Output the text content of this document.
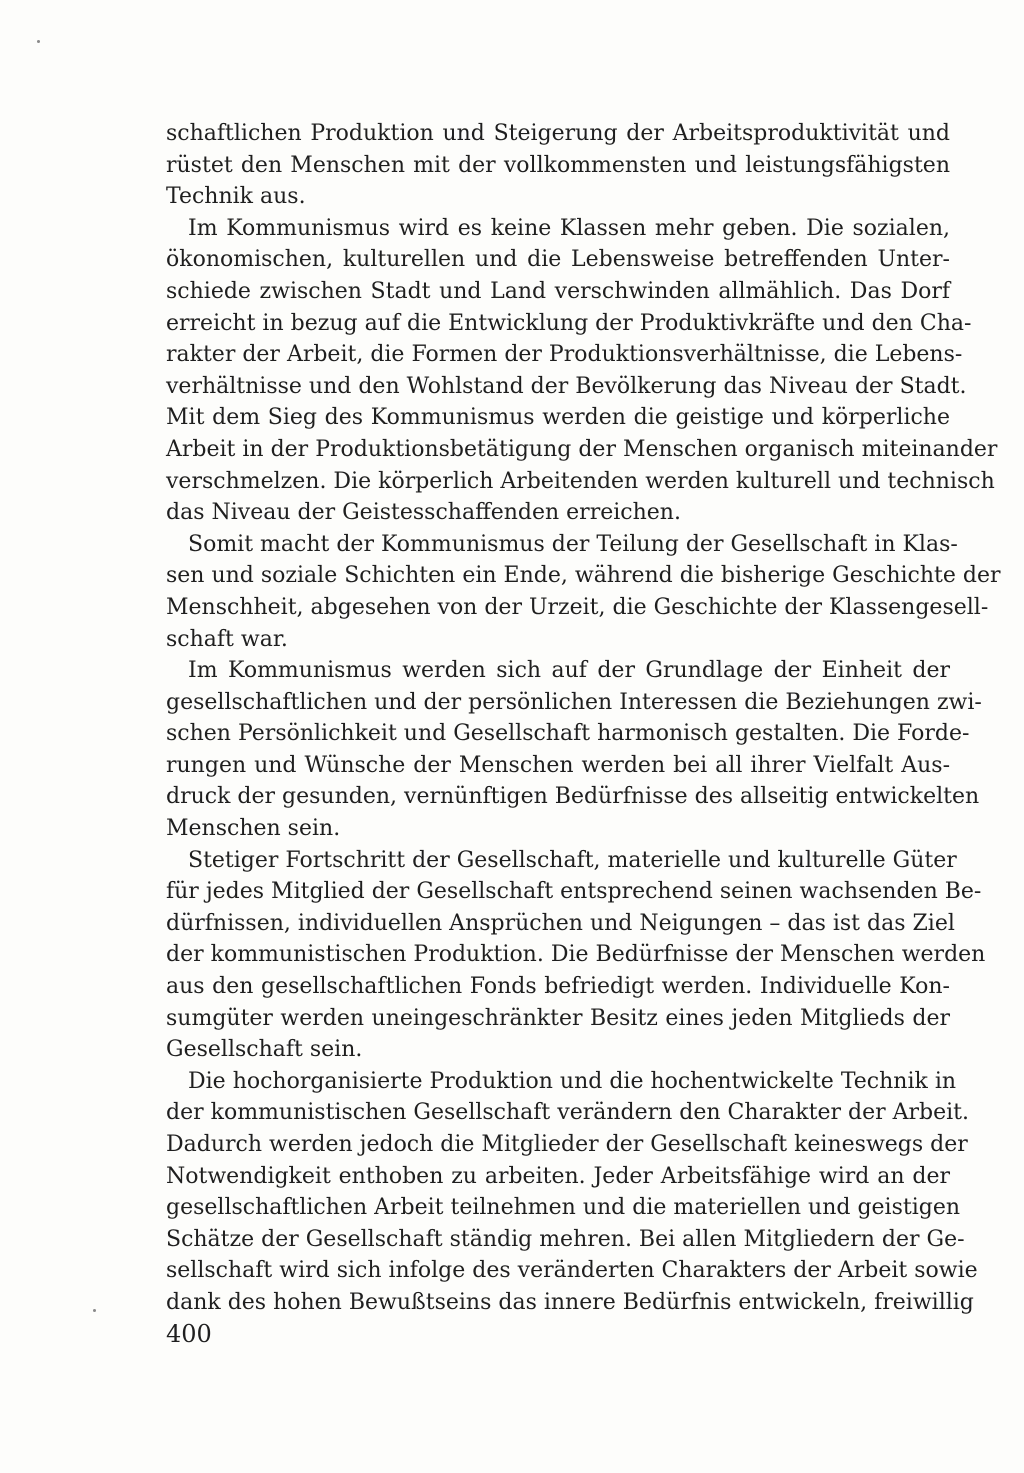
schaftlichen Produktion und Steigerung der Arbeitsproduktivität und
rüstet den Menschen mit der vollkommensten und leistungsfähigsten
Technik aus.
Im Kommunismus wird es keine Klassen mehr geben. Die sozialen,
ökonomischen, kulturellen und die Lebensweise betreffenden Unter-
schiede zwischen Stadt und Land verschwinden allmählich. Das Dorf
erreicht in bezug auf die Entwicklung der Produktivkräfte und den Cha-
rakter der Arbeit, die Formen der Produktionsverhältnisse, die Lebens-
verhältnisse und den Wohlstand der Bevölkerung das Niveau der Stadt.
Mit dem Sieg des Kommunismus werden die geistige und körperliche
Arbeit in der Produktionsbetätigung der Menschen organisch miteinander
verschmelzen. Die körperlich Arbeitenden werden kulturell und technisch
das Niveau der Geistesschaffenden erreichen.
Somit macht der Kommunismus der Teilung der Gesellschaft in Klas-
sen und soziale Schichten ein Ende, während die bisherige Geschichte der
Menschheit, abgesehen von der Urzeit, die Geschichte der Klassengesell-
schaft war.
Im Kommunismus werden sich auf der Grundlage der Einheit der
gesellschaftlichen und der persönlichen Interessen die Beziehungen zwi-
schen Persönlichkeit und Gesellschaft harmonisch gestalten. Die Forde-
rungen und Wünsche der Menschen werden bei all ihrer Vielfalt Aus-
druck der gesunden, vernünftigen Bedürfnisse des allseitig entwickelten
Menschen sein.
Stetiger Fortschritt der Gesellschaft, materielle und kulturelle Güter
für jedes Mitglied der Gesellschaft entsprechend seinen wachsenden Be-
dürfnissen, individuellen Ansprüchen und Neigungen – das ist das Ziel
der kommunistischen Produktion. Die Bedürfnisse der Menschen werden
aus den gesellschaftlichen Fonds befriedigt werden. Individuelle Kon-
sumgüter werden uneingeschränkter Besitz eines jeden Mitglieds der
Gesellschaft sein.
Die hochorganisierte Produktion und die hochentwickelte Technik in
der kommunistischen Gesellschaft verändern den Charakter der Arbeit.
Dadurch werden jedoch die Mitglieder der Gesellschaft keineswegs der
Notwendigkeit enthoben zu arbeiten. Jeder Arbeitsfähige wird an der
gesellschaftlichen Arbeit teilnehmen und die materiellen und geistigen
Schätze der Gesellschaft ständig mehren. Bei allen Mitgliedern der Ge-
sellschaft wird sich infolge des veränderten Charakters der Arbeit sowie
dank des hohen Bewußtseins das innere Bedürfnis entwickeln, freiwillig
400
